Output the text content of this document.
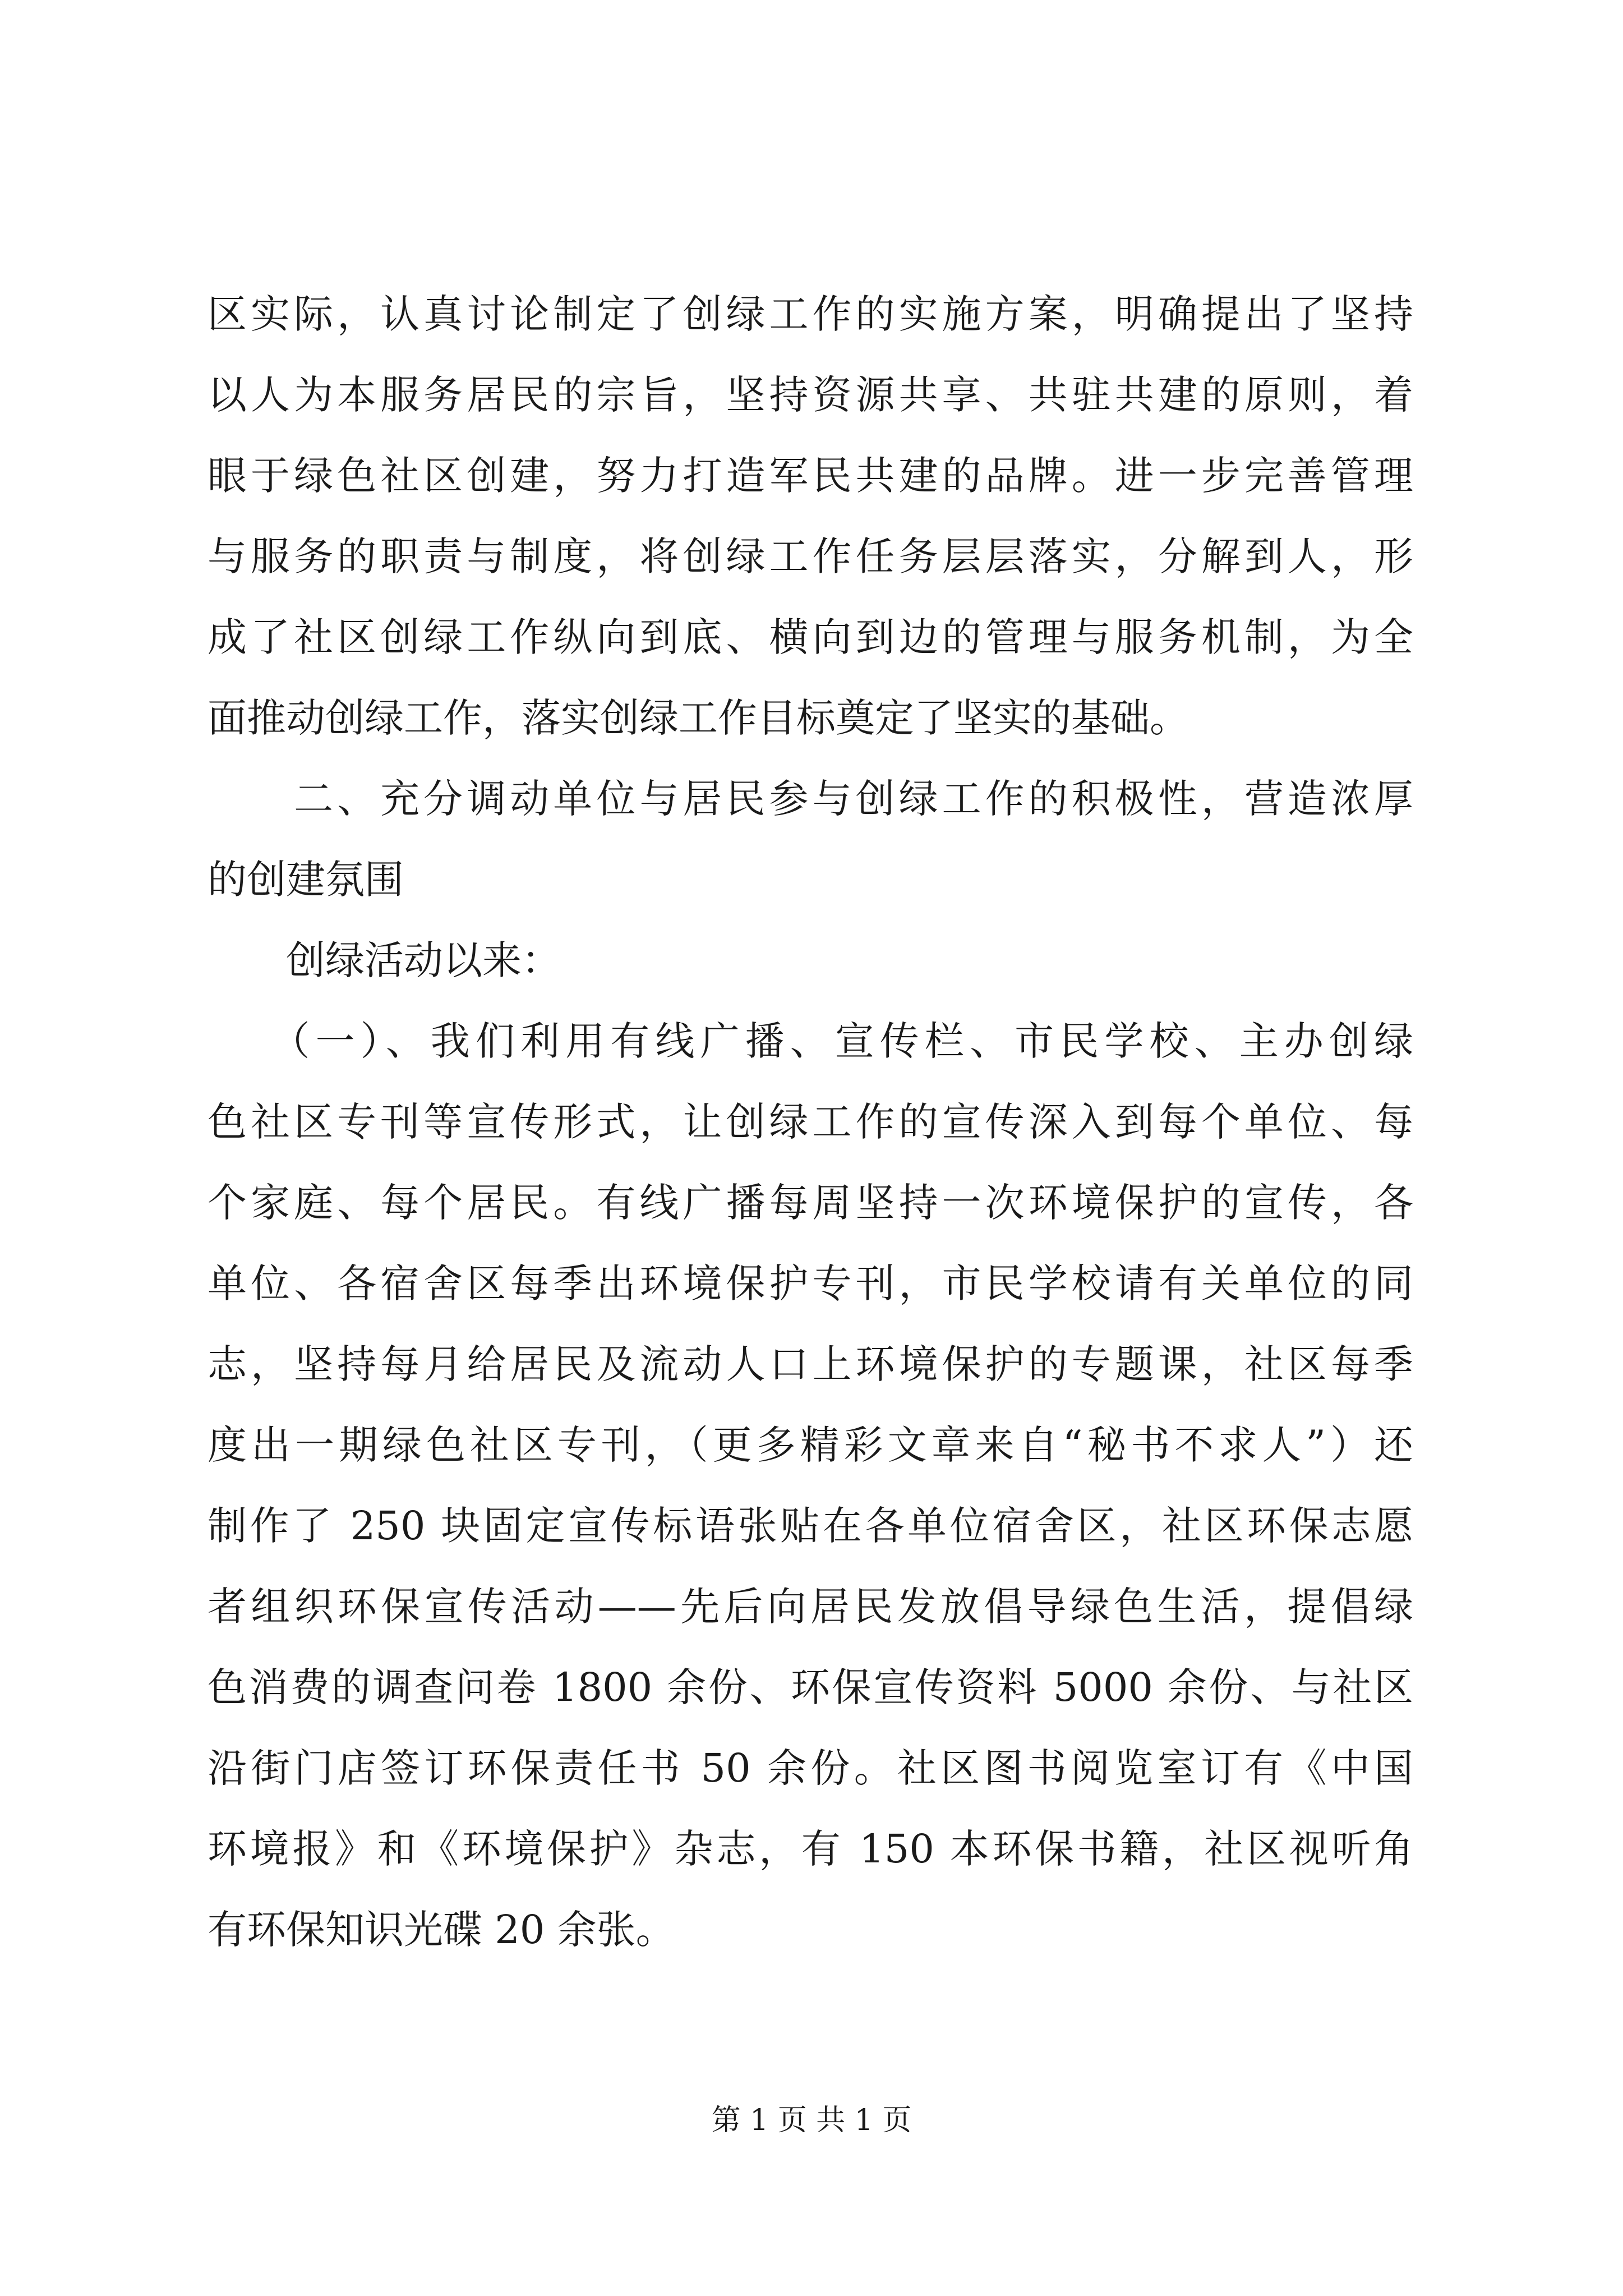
区实际，认真讨论制定了创绿工作的实施方案，明确提出了坚持
以人为本服务居民的宗旨，坚持资源共享、共驻共建的原则，着
眼于绿色社区创建，努力打造军民共建的品牌。进一步完善管理
与服务的职责与制度，将创绿工作任务层层落实，分解到人，形
成了社区创绿工作纵向到底、横向到边的管理与服务机制，为全
面推动创绿工作，落实创绿工作目标奠定了坚实的基础。
　　二、充分调动单位与居民参与创绿工作的积极性，营造浓厚
的创建氛围
　　创绿活动以来：
　 （一）、我们利用有线广播、宣传栏、市民学校、主办创绿
色社区专刊等宣传形式，让创绿工作的宣传深入到每个单位、每
个家庭、每个居民。有线广播每周坚持一次环境保护的宣传，各
单位、各宿舍区每季出环境保护专刊，市民学校请有关单位的同
志，坚持每月给居民及流动人口上环境保护的专题课，社区每季
度出一期绿色社区专刊，（更多精彩文章来自“秘书不求人”）还
制作了 250 块固定宣传标语张贴在各单位宿舍区，社区环保志愿
者组织环保宣传活动——先后向居民发放倡导绿色生活，提倡绿
色消费的调查问卷 1800 余份、环保宣传资料 5000 余份、与社区
沿街门店签订环保责任书 50 余份。社区图书阅览室订有《中国
环境报》和《环境保护》杂志，有 150 本环保书籍，社区视听角
有环保知识光碟 20 余张。
第 1 页 共 1 页
